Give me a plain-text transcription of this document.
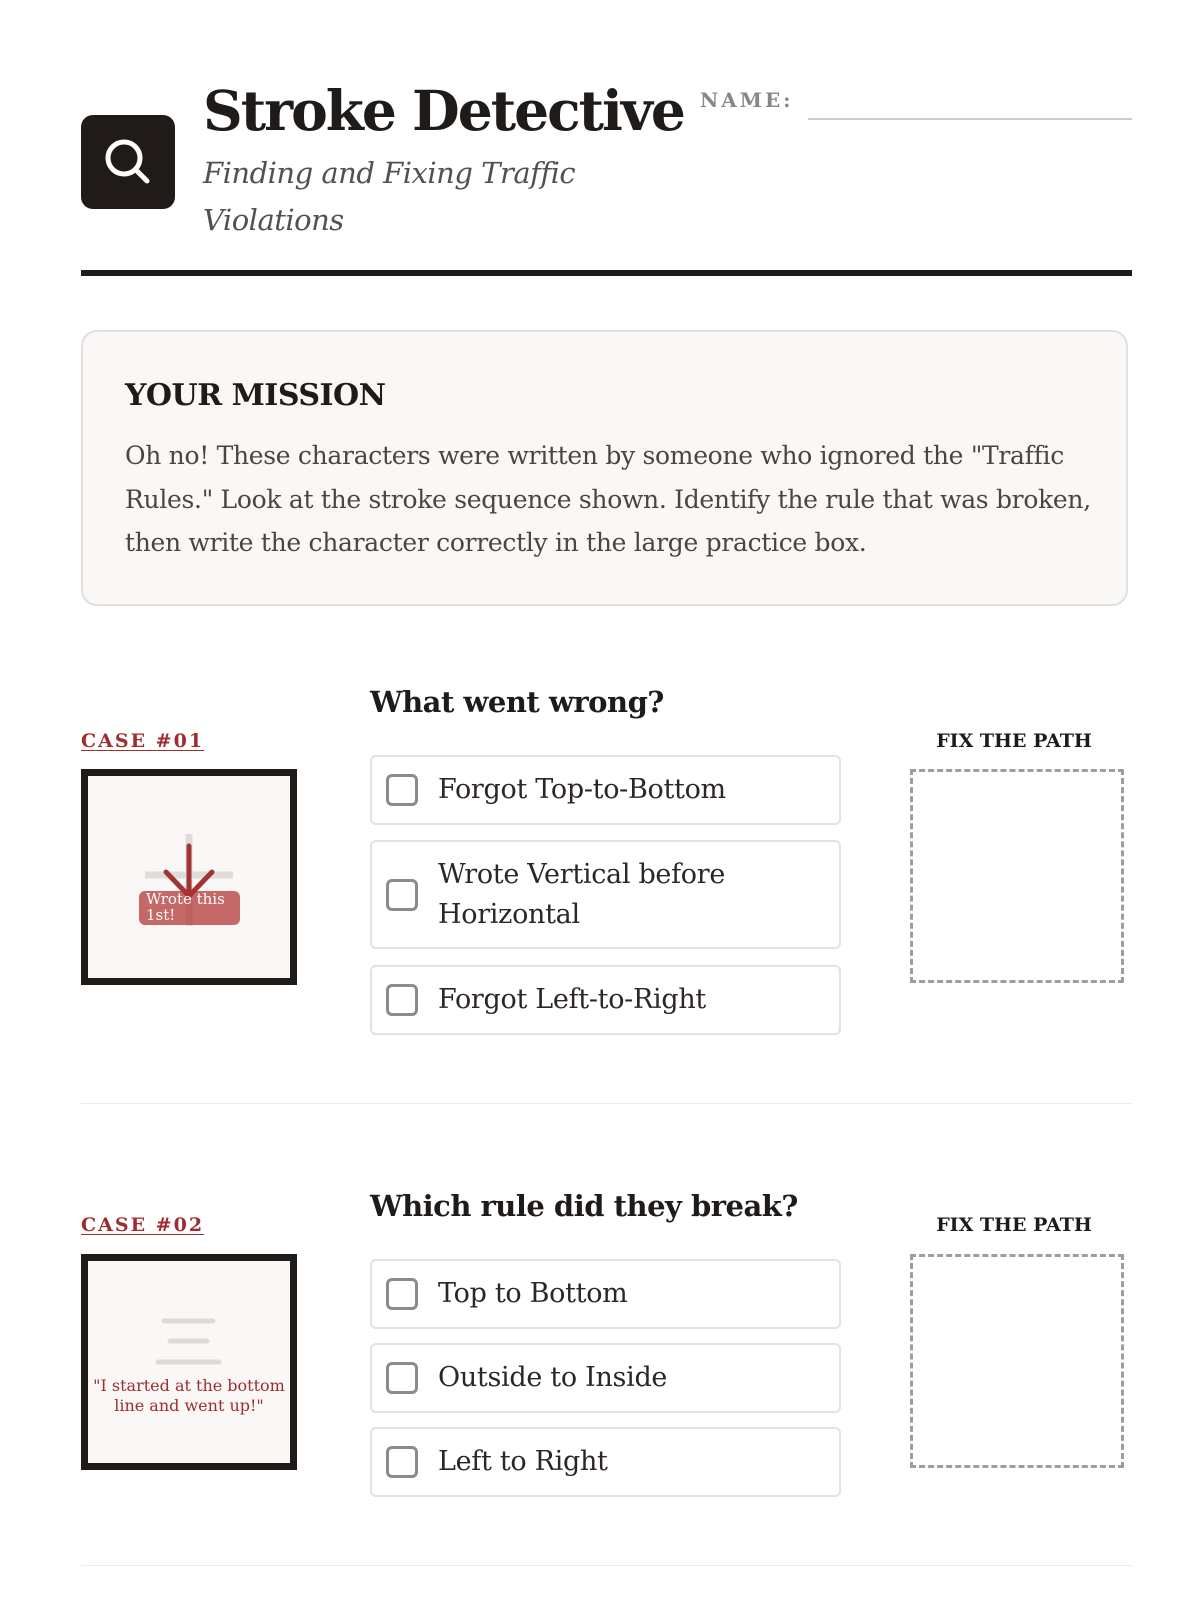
Stroke Detective

Finding and Fixing Traffic Violations

NAME:
YOUR MISSION

Oh no! These characters were written by someone who ignored the "Traffic Rules." Look at the stroke sequence shown. Identify the rule that was broken, then write the character correctly in the large practice box.

CASE #01
Wrote this 1st!
What went wrong?
Forgot Top-to-Bottom
Wrote Vertical before Horizontal
Forgot Left-to-Right
FIX THE PATH
CASE #02
"I started at the bottom line and went up!"
Which rule did they break?
Top to Bottom
Outside to Inside
Left to Right
FIX THE PATH
